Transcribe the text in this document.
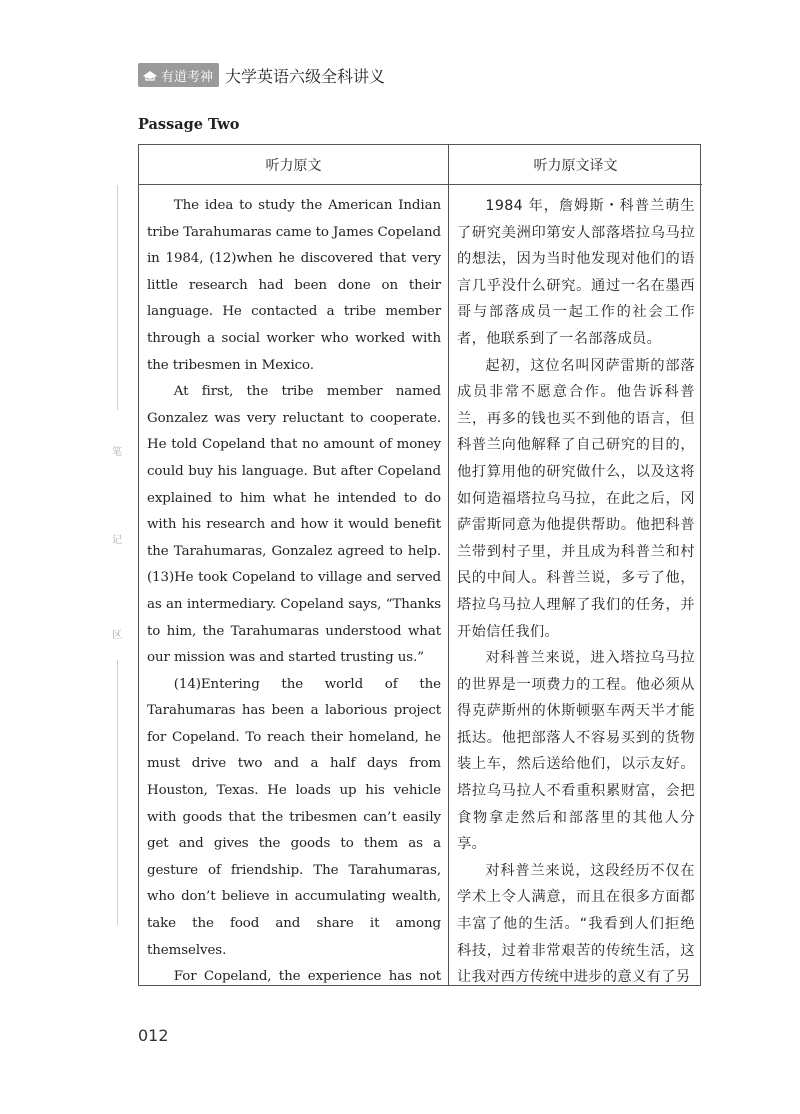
有道考神 大学英语六级全科讲义
Passage Two
笔
记
区
听力原文	听力原文译文

The idea to study the American Indian tribe Tarahumaras came to James Copeland in 1984, (12)when he discovered that very little research had been done on their language. He contacted a tribe member through a social worker who worked with the tribesmen in Mexico.

At first, the tribe member named Gonzalez was very reluctant to cooperate. He told Copeland that no amount of money could buy his language. But after Copeland explained to him what he intended to do with his research and how it would benefit the Tarahumaras, Gonzalez agreed to help. (13)He took Copeland to village and served as an intermediary. Copeland says, “Thanks to him, the Tarahumaras understood what our mission was and started trusting us.”

(14)Entering the world of the Tarahumaras has been a laborious project for Copeland. To reach their homeland, he must drive two and a half days from Houston, Texas. He loads up his vehicle with goods that the tribesmen can’t easily get and gives the goods to them as a gesture of friendship. The Tarahumaras, who don’t believe in accumulating wealth, take the food and share it among themselves.

For Copeland, the experience has not

1984 年，詹姆斯・科普兰萌生了研究美洲印第安人部落塔拉乌马拉的想法，因为当时他发现对他们的语言几乎没什么研究。通过一名在墨西哥与部落成员一起工作的社会工作者，他联系到了一名部落成员。

起初，这位名叫冈萨雷斯的部落成员非常不愿意合作。他告诉科普兰，再多的钱也买不到他的语言，但科普兰向他解释了自己研究的目的，他打算用他的研究做什么，以及这将如何造福塔拉乌马拉，在此之后，冈萨雷斯同意为他提供帮助。他把科普兰带到村子里，并且成为科普兰和村民的中间人。科普兰说，多亏了他，塔拉乌马拉人理解了我们的任务，并开始信任我们。

对科普兰来说，进入塔拉乌马拉的世界是一项费力的工程。他必须从得克萨斯州的休斯顿驱车两天半才能抵达。他把部落人不容易买到的货物装上车，然后送给他们，以示友好。塔拉乌马拉人不看重积累财富，会把食物拿走然后和部落里的其他人分享。

对科普兰来说，这段经历不仅在学术上令人满意，而且在很多方面都丰富了他的生活。“我看到人们拒绝科技，过着非常艰苦的传统生活，这让我对西方传统中进步的意义有了另

012
